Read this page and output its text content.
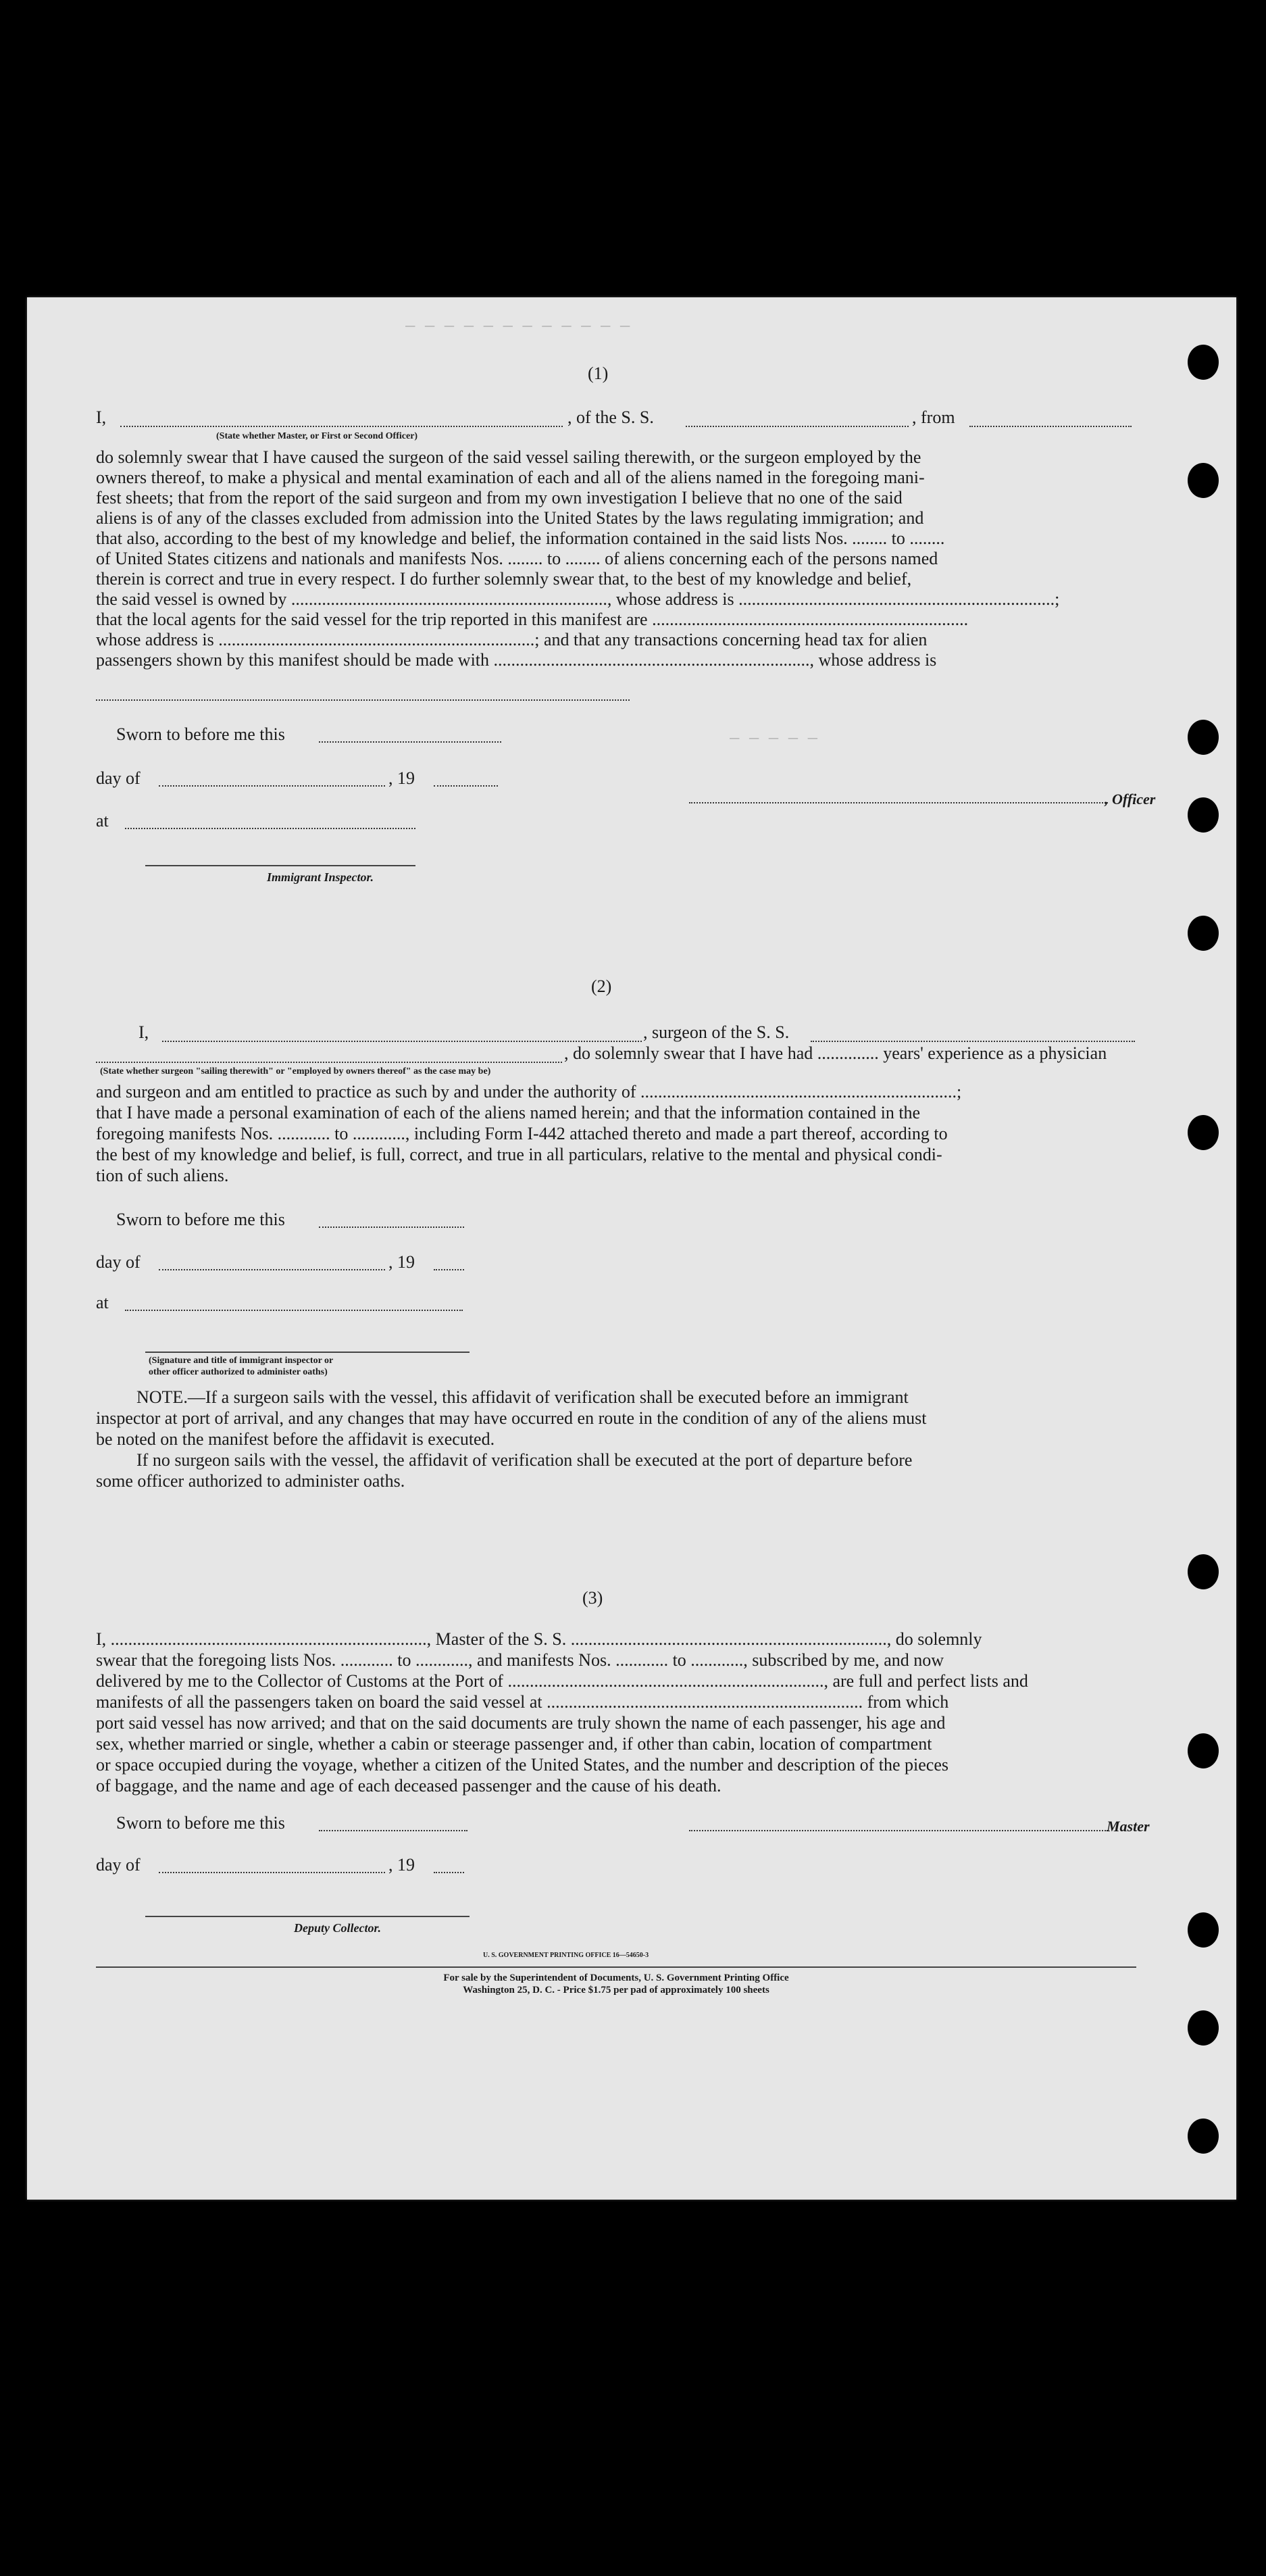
— — — — — — — — — — — —
— — — — —
(1)
I,	, of the S. S.	, from
(State whether Master, or First or Second Officer)
do solemnly swear that I have caused the surgeon of the said vessel sailing therewith, or the surgeon employed by the
owners thereof, to make a physical and mental examination of each and all of the aliens named in the foregoing mani-
fest sheets; that from the report of the said surgeon and from my own investigation I believe that no one of the said
aliens is of any of the classes excluded from admission into the United States by the laws regulating immigration; and
that also, according to the best of my knowledge and belief, the information contained in the said lists Nos. ........ to ........
of United States citizens and nationals and manifests Nos. ........ to ........ of aliens concerning each of the persons named
therein is correct and true in every respect. I do further solemnly swear that, to the best of my knowledge and belief,
the said vessel is owned by ........................................................................, whose address is ........................................................................;
that the local agents for the said vessel for the trip reported in this manifest are ........................................................................
whose address is ........................................................................; and that any transactions concerning head tax for alien
passengers shown by this manifest should be made with ........................................................................, whose address is
Sworn to before me this
day of	, 19
at
, Officer
Immigrant Inspector.
(2)
I,	, surgeon of the S. S.
, do solemnly swear that I have had .............. years' experience as a physician
(State whether surgeon "sailing therewith" or "employed by owners thereof" as the case may be)
and surgeon and am entitled to practice as such by and under the authority of ........................................................................;
that I have made a personal examination of each of the aliens named herein; and that the information contained in the
foregoing manifests Nos. ............ to ............, including Form I-442 attached thereto and made a part thereof, according to
the best of my knowledge and belief, is full, correct, and true in all particulars, relative to the mental and physical condi-
tion of such aliens.
Sworn to before me this
day of	, 19
at
(Signature and title of immigrant inspector or
other officer authorized to administer oaths)
NOTE.—If a surgeon sails with the vessel, this affidavit of verification shall be executed before an immigrant
inspector at port of arrival, and any changes that may have occurred en route in the condition of any of the aliens must
be noted on the manifest before the affidavit is executed.
If no surgeon sails with the vessel, the affidavit of verification shall be executed at the port of departure before
some officer authorized to administer oaths.
(3)
I, ........................................................................, Master of the S. S. ........................................................................, do solemnly
swear that the foregoing lists Nos. ............ to ............, and manifests Nos. ............ to ............, subscribed by me, and now
delivered by me to the Collector of Customs at the Port of ........................................................................, are full and perfect lists and
manifests of all the passengers taken on board the said vessel at ........................................................................ from which
port said vessel has now arrived; and that on the said documents are truly shown the name of each passenger, his age and
sex, whether married or single, whether a cabin or steerage passenger and, if other than cabin, location of compartment
or space occupied during the voyage, whether a citizen of the United States, and the number and description of the pieces
of baggage, and the name and age of each deceased passenger and the cause of his death.
Sworn to before me this	Master
day of	, 19
Deputy Collector.
U. S. GOVERNMENT PRINTING OFFICE 16—54650-3
For sale by the Superintendent of Documents, U. S. Government Printing Office
Washington 25, D. C. - Price $1.75 per pad of approximately 100 sheets
